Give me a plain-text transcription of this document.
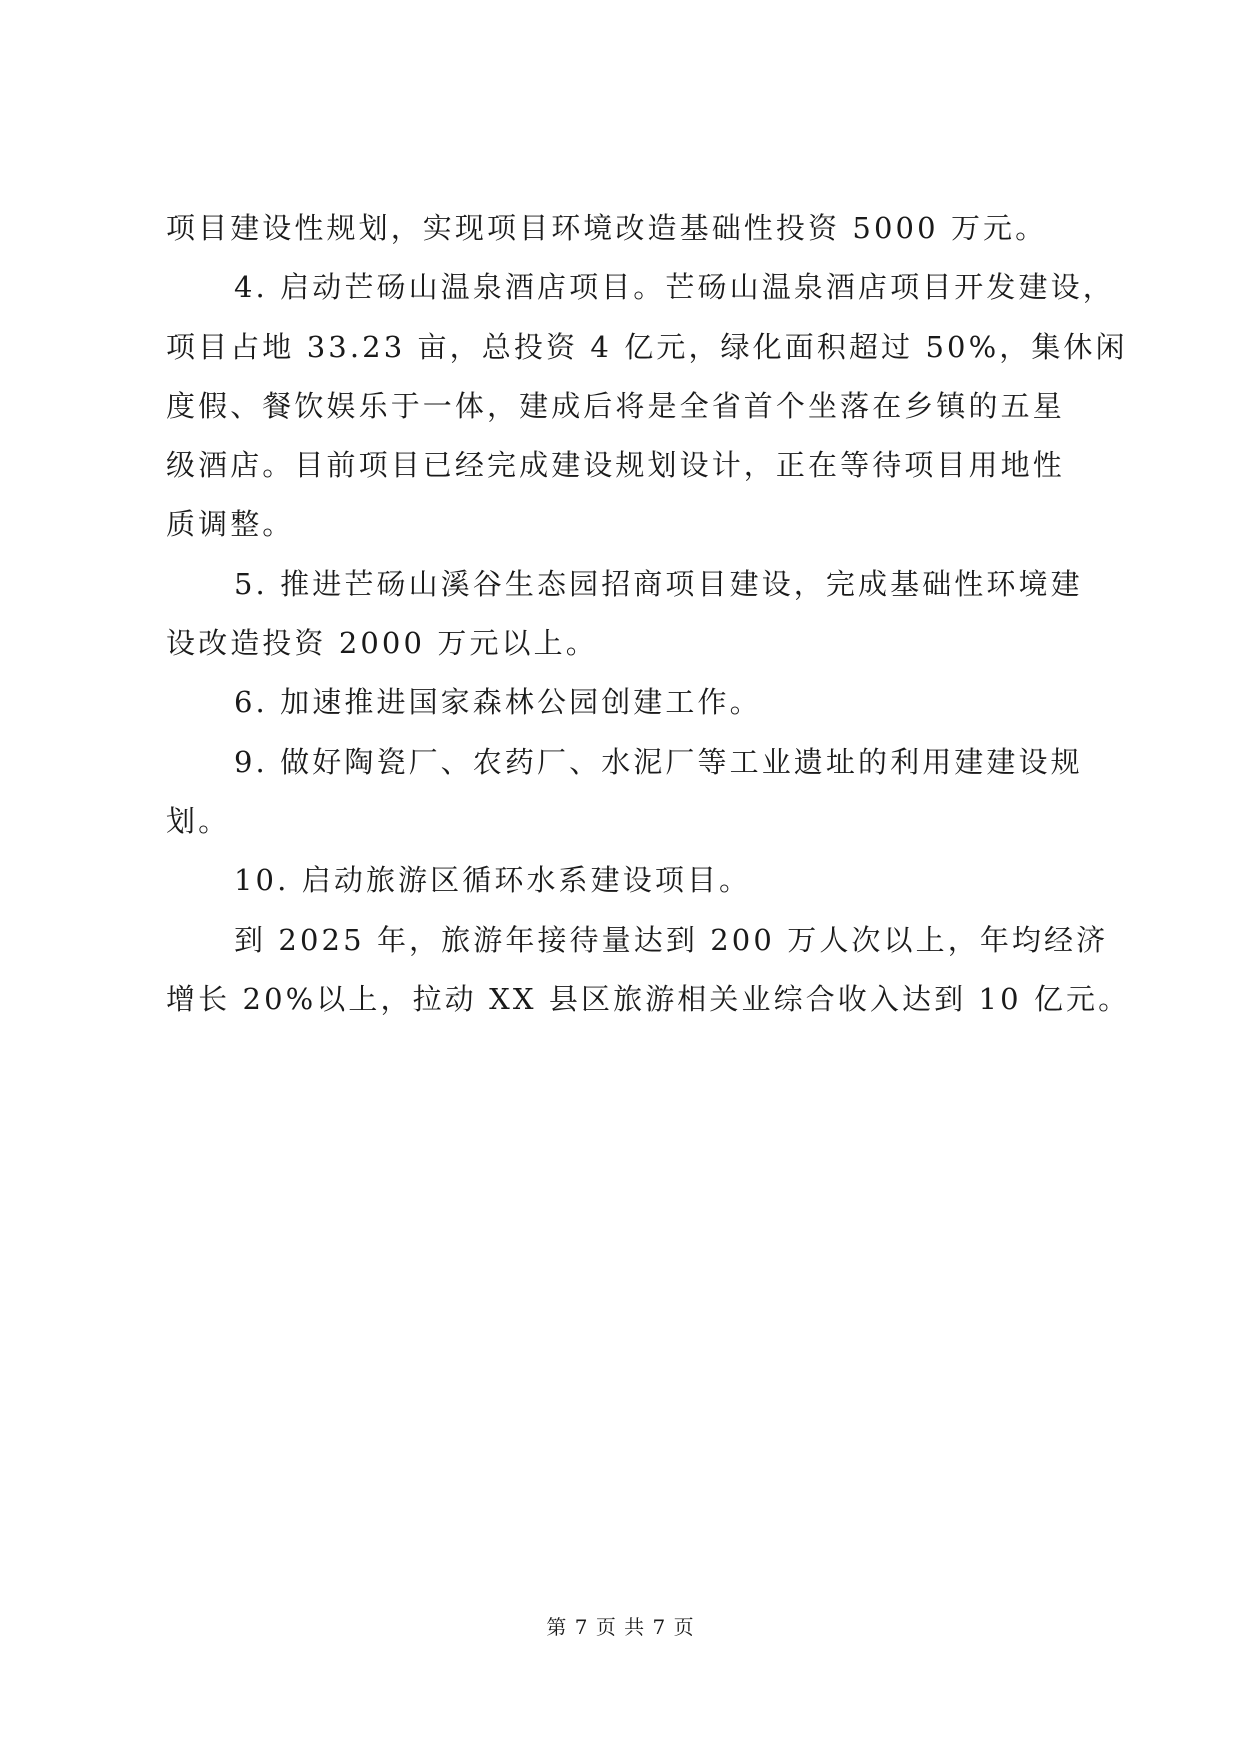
项目建设性规划，实现项目环境改造基础性投资 5000 万元。
4. 启动芒砀山温泉酒店项目。芒砀山温泉酒店项目开发建设，
项目占地 33.23 亩，总投资 4 亿元，绿化面积超过 50%，集休闲
度假、餐饮娱乐于一体，建成后将是全省首个坐落在乡镇的五星
级酒店。目前项目已经完成建设规划设计，正在等待项目用地性
质调整。
5. 推进芒砀山溪谷生态园招商项目建设，完成基础性环境建
设改造投资 2000 万元以上。
6. 加速推进国家森林公园创建工作。
9. 做好陶瓷厂、农药厂、水泥厂等工业遗址的利用建建设规
划。
10. 启动旅游区循环水系建设项目。
到 2025 年，旅游年接待量达到 200 万人次以上，年均经济
增长 20%以上，拉动 XX 县区旅游相关业综合收入达到 10 亿元。
第 7 页 共 7 页
